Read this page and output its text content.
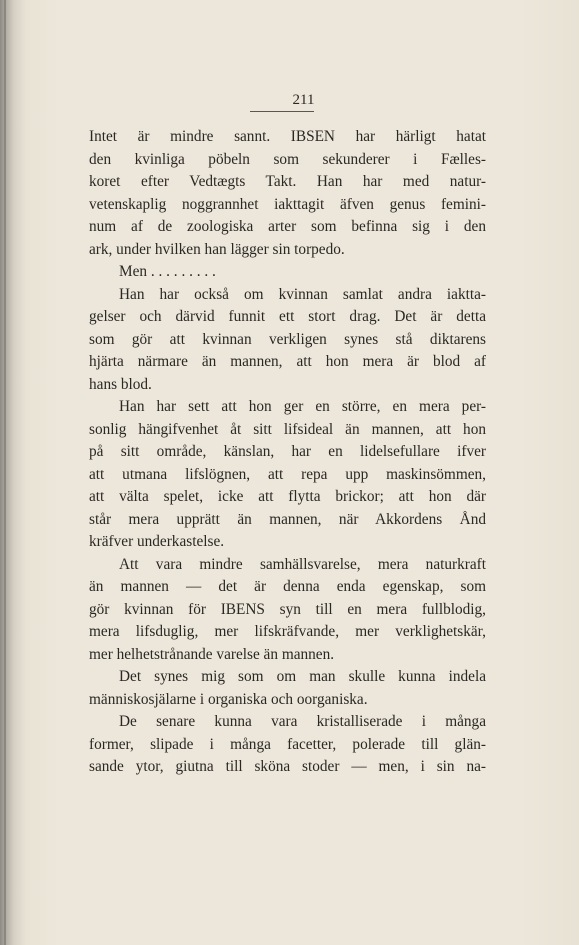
211
Intet är mindre sannt. IBSEN har härligt hatat
den kvinliga pöbeln som sekunderer i Fælles-
koret efter Vedtægts Takt. Han har med natur-
vetenskaplig noggrannhet iakttagit äfven genus femini-
num af de zoologiska arter som befinna sig i den
ark, under hvilken han lägger sin torpedo.
Men . . . . . . . . .
Han har också om kvinnan samlat andra iaktta-
gelser och därvid funnit ett stort drag. Det är detta
som gör att kvinnan verkligen synes stå diktarens
hjärta närmare än mannen, att hon mera är blod af
hans blod.
Han har sett att hon ger en större, en mera per-
sonlig hängifvenhet åt sitt lifsideal än mannen, att hon
på sitt område, känslan, har en lidelsefullare ifver
att utmana lifslögnen, att repa upp maskinsömmen,
att välta spelet, icke att flytta brickor; att hon där
står mera upprätt än mannen, när Akkordens Ånd
kräfver underkastelse.
Att vara mindre samhällsvarelse, mera naturkraft
än mannen — det är denna enda egenskap, som
gör kvinnan för IBENS syn till en mera fullblodig,
mera lifsduglig, mer lifskräfvande, mer verklighetskär,
mer helhetstrånande varelse än mannen.
Det synes mig som om man skulle kunna indela
människosjälarne i organiska och oorganiska.
De senare kunna vara kristalliserade i många
former, slipade i många facetter, polerade till glän-
sande ytor, giutna till sköna stoder — men, i sin na-
